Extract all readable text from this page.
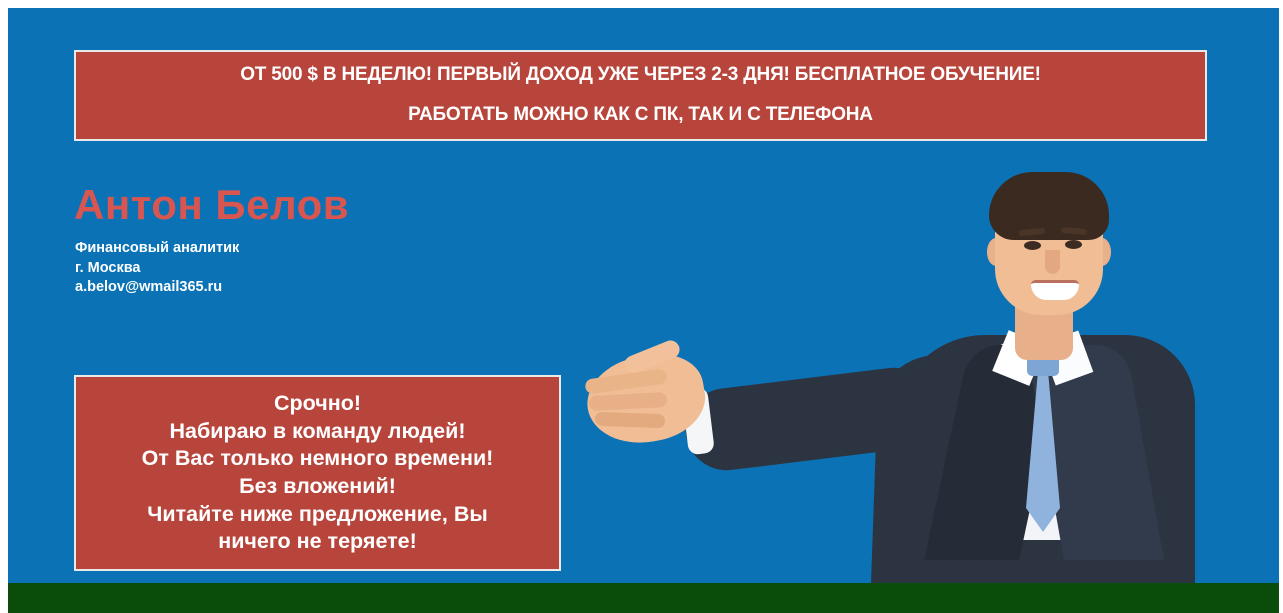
ОТ 500 $ В НЕДЕЛЮ! ПЕРВЫЙ ДОХОД УЖЕ ЧЕРЕЗ 2-3 ДНЯ! БЕСПЛАТНОЕ ОБУЧЕНИЕ!
РАБОТАТЬ МОЖНО КАК С ПК, ТАК И С ТЕЛЕФОНА
Антон Белов
Финансовый аналитик
г. Москва
a.belov@wmail365.ru
Срочно!
Набираю в команду людей!
От Вас только немного времени!
Без вложений!
Читайте ниже предложение, Вы
ничего не теряете!
